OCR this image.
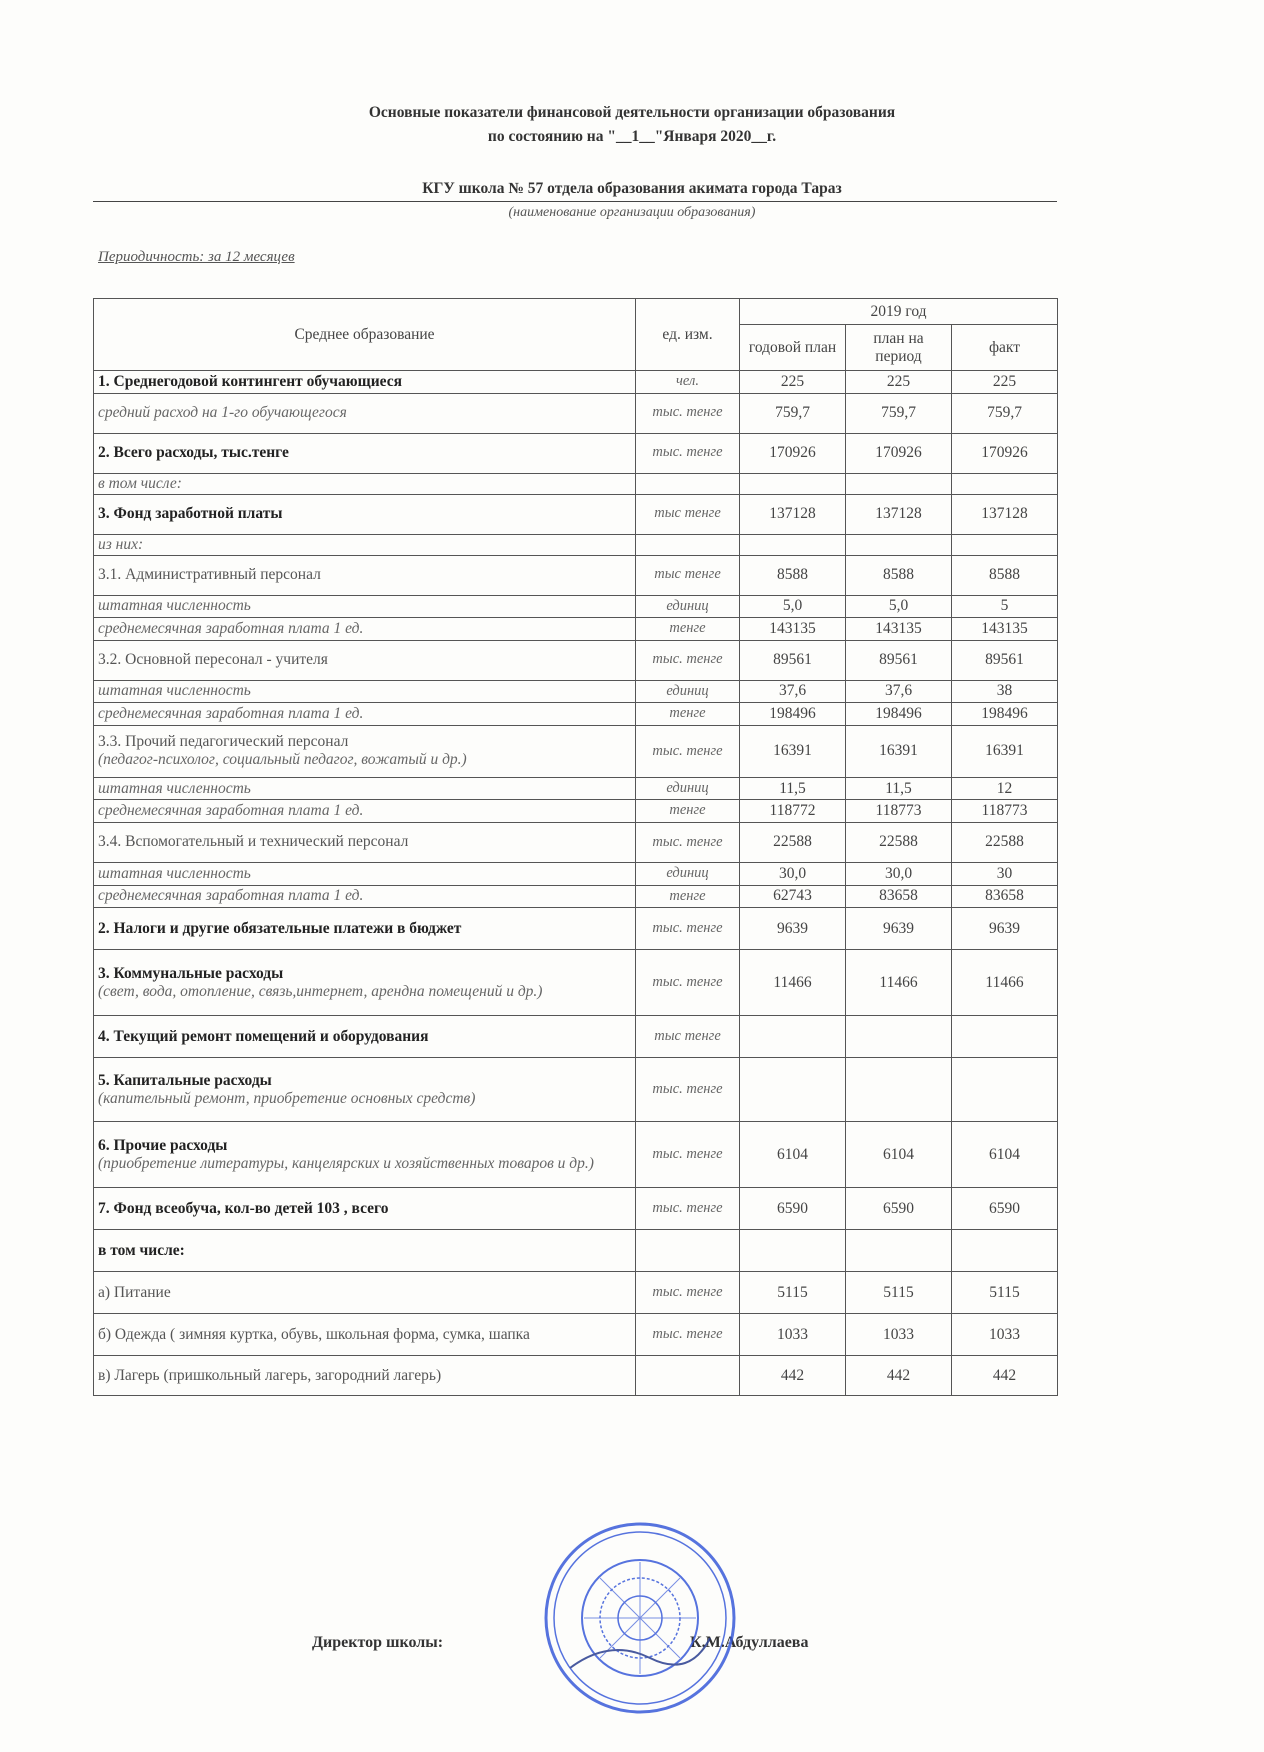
Основные показатели финансовой деятельности организации образования
по состоянию на "__1__"Января 2020__г.
КГУ школа № 57 отдела образования акимата города Тараз
(наименование организации образования)
Периодичность: за 12 месяцев
Среднее образование	ед. изм.	2019 год		
		годовой план	план на период	факт
1. Среднегодовой контингент обучающиеся	чел.	225	225	225
средний расход на 1-го обучающегося	тыс. тенге	759,7	759,7	759,7
2. Всего расходы, тыс.тенге	тыс. тенге	170926	170926	170926
в том числе:				
3. Фонд заработной платы	тыс тенге	137128	137128	137128
из них:				
3.1. Административный персонал	тыс тенге	8588	8588	8588
штатная численность	единиц	5,0	5,0	5
среднемесячная заработная плата 1 ед.	тенге	143135	143135	143135
3.2. Основной пересонал - учителя	тыс. тенге	89561	89561	89561
штатная численность	единиц	37,6	37,6	38
среднемесячная заработная плата 1 ед.	тенге	198496	198496	198496
3.3. Прочий педагогический персонал
(педагог-психолог, социальный педагог, вожатый и др.)	тыс. тенге	16391	16391	16391
штатная численность	единиц	11,5	11,5	12
среднемесячная заработная плата 1 ед.	тенге	118772	118773	118773
3.4. Вспомогательный и технический персонал	тыс. тенге	22588	22588	22588
штатная численность	единиц	30,0	30,0	30
среднемесячная заработная плата 1 ед.	тенге	62743	83658	83658
2. Налоги и другие обязательные платежи в бюджет	тыс. тенге	9639	9639	9639
3. Коммунальные расходы
(свет, вода, отопление, связь,интернет, арендна помещений и др.)	тыс. тенге	11466	11466	11466
4. Текущий ремонт помещений и оборудования	тыс тенге			
5. Капитальные расходы
(капительный ремонт, приобретение основных средств)	тыс. тенге			
6. Прочие расходы
(приобретение литературы, канцелярских и хозяйственных товаров и др.)	тыс. тенге	6104	6104	6104
7. Фонд всеобуча, кол-во детей 103 , всего	тыс. тенге	6590	6590	6590
в том числе:				
а) Питание	тыс. тенге	5115	5115	5115
б) Одежда ( зимняя куртка, обувь, школьная форма, сумка, шапка	тыс. тенге	1033	1033	1033
в) Лагерь (пришкольный лагерь, загородний лагерь)		442	442	442
Директор школы:	К.М.Абдуллаева
